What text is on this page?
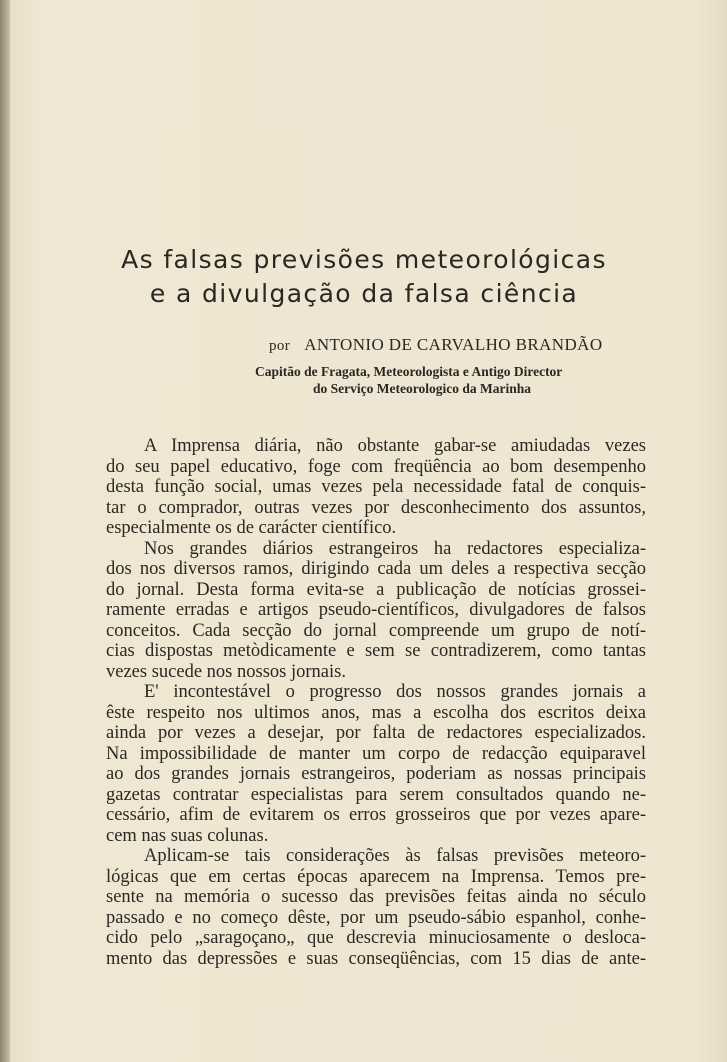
As falsas previsões meteorológicas
e a divulgação da falsa ciência
por ANTONIO DE CARVALHO BRANDÃO
Capitão de Fragata, Meteorologista e Antigo Director
do Serviço Meteorologico da Marinha
A Imprensa diária, não obstante gabar-se amiudadas vezes
do seu papel educativo, foge com freqüência ao bom desempenho
desta função social, umas vezes pela necessidade fatal de conquis-
tar o comprador, outras vezes por desconhecimento dos assuntos,
especialmente os de carácter científico.
Nos grandes diários estrangeiros ha redactores especializa-
dos nos diversos ramos, dirigindo cada um deles a respectiva secção
do jornal. Desta forma evita-se a publicação de notícias grossei-
ramente erradas e artigos pseudo-científicos, divulgadores de falsos
conceitos. Cada secção do jornal compreende um grupo de notí-
cias dispostas metòdicamente e sem se contradizerem, como tantas
vezes sucede nos nossos jornais.
E' incontestável o progresso dos nossos grandes jornais a
êste respeito nos ultimos anos, mas a escolha dos escritos deixa
ainda por vezes a desejar, por falta de redactores especializados.
Na impossibilidade de manter um corpo de redacção equiparavel
ao dos grandes jornais estrangeiros, poderiam as nossas principais
gazetas contratar especialistas para serem consultados quando ne-
cessário, afim de evitarem os erros grosseiros que por vezes apare-
cem nas suas colunas.
Aplicam-se tais considerações às falsas previsões meteoro-
lógicas que em certas épocas aparecem na Imprensa. Temos pre-
sente na memória o sucesso das previsões feitas ainda no século
passado e no começo dêste, por um pseudo-sábio espanhol, conhe-
cido pelo „saragoçano„ que descrevia minuciosamente o desloca-
mento das depressões e suas conseqüências, com 15 dias de ante-
